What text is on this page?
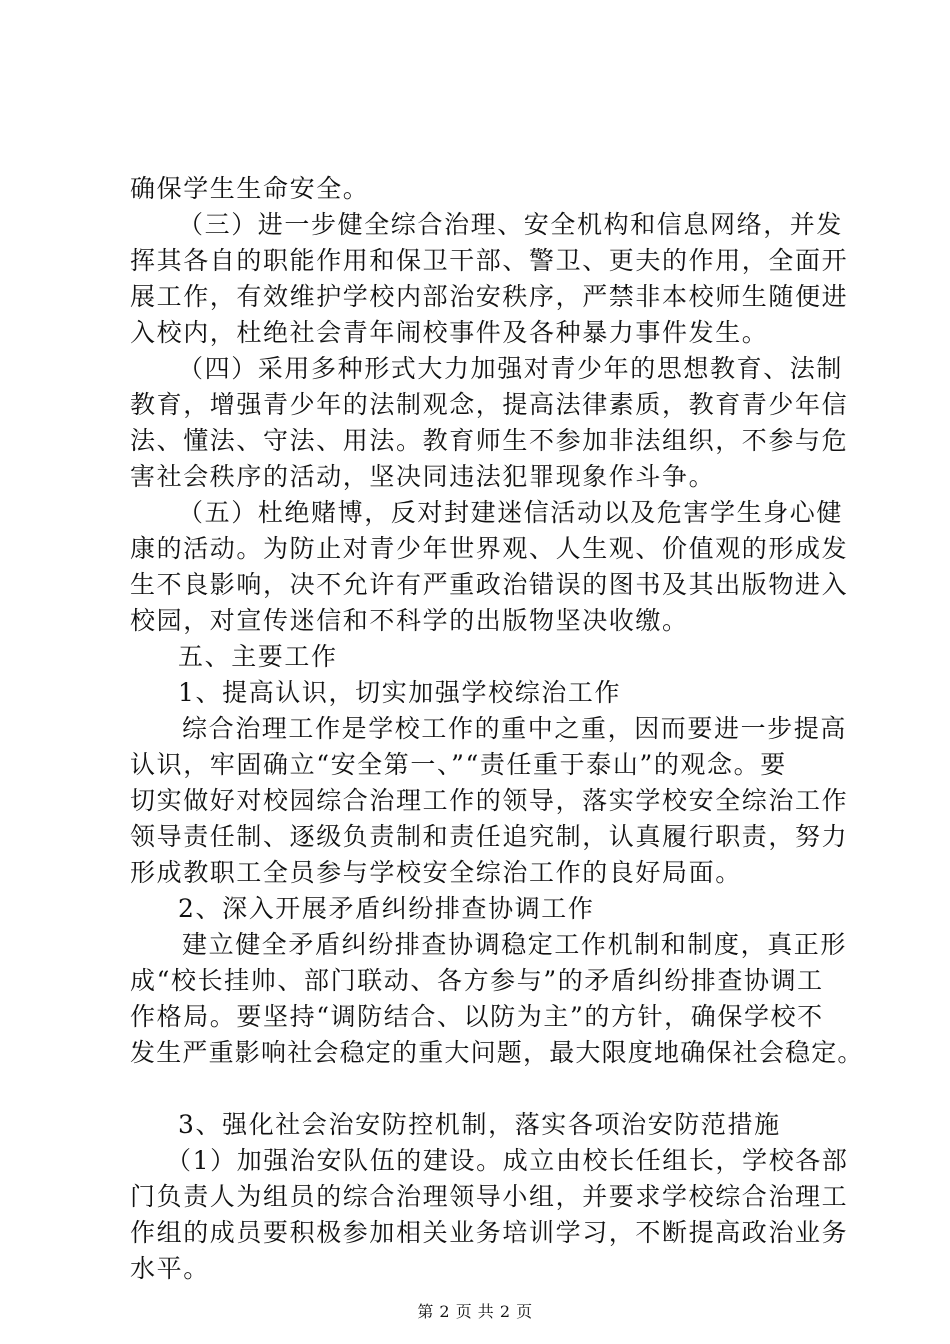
确保学生生命安全。
（三）进一步健全综合治理、安全机构和信息网络，并发
挥其各自的职能作用和保卫干部、警卫、更夫的作用，全面开
展工作，有效维护学校内部治安秩序，严禁非本校师生随便进
入校内，杜绝社会青年闹校事件及各种暴力事件发生。
（四）采用多种形式大力加强对青少年的思想教育、法制
教育，增强青少年的法制观念，提高法律素质，教育青少年信
法、懂法、守法、用法。教育师生不参加非法组织，不参与危
害社会秩序的活动，坚决同违法犯罪现象作斗争。
（五）杜绝赌博，反对封建迷信活动以及危害学生身心健
康的活动。为防止对青少年世界观、人生观、价值观的形成发
生不良影响，决不允许有严重政治错误的图书及其出版物进入
校园，对宣传迷信和不科学的出版物坚决收缴。
五、主要工作
1、提高认识，切实加强学校综治工作
综合治理工作是学校工作的重中之重，因而要进一步提高
认识，牢固确立“安全第一、”“责任重于泰山”的观念。要
切实做好对校园综合治理工作的领导，落实学校安全综治工作
领导责任制、逐级负责制和责任追究制，认真履行职责，努力
形成教职工全员参与学校安全综治工作的良好局面。
2、深入开展矛盾纠纷排查协调工作
建立健全矛盾纠纷排查协调稳定工作机制和制度，真正形
成“校长挂帅、部门联动、各方参与”的矛盾纠纷排查协调工
作格局。要坚持“调防结合、以防为主”的方针，确保学校不
发生严重影响社会稳定的重大问题，最大限度地确保社会稳定。
3、强化社会治安防控机制，落实各项治安防范措施
（1）加强治安队伍的建设。成立由校长任组长，学校各部
门负责人为组员的综合治理领导小组，并要求学校综合治理工
作组的成员要积极参加相关业务培训学习，不断提高政治业务
水平。
第 2 页 共 2 页
